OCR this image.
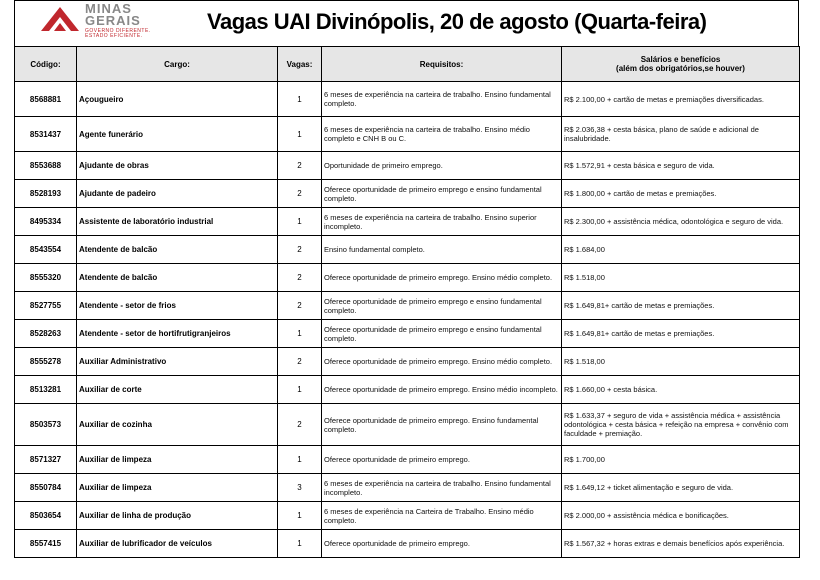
MINAS
GERAIS
GOVERNO DIFERENTE.
ESTADO EFICIENTE.
Vagas UAI Divinópolis, 20 de agosto (Quarta-feira)
Código:	Cargo:	Vagas:	Requisitos:	Salários e benefícios
(além dos obrigatórios,se houver)

8568881	Açougueiro	1	6 meses de experiência na carteira de trabalho. Ensino fundamental completo.	R$ 2.100,00 + cartão de metas e premiações diversificadas.
8531437	Agente funerário	1	6 meses de experiência na carteira de trabalho. Ensino médio completo e CNH B ou C.	R$ 2.036,38 + cesta básica, plano de saúde e adicional de insalubridade.
8553688	Ajudante de obras	2	Oportunidade de primeiro emprego.	R$ 1.572,91 + cesta básica e seguro de vida.
8528193	Ajudante de padeiro	2	Oferece oportunidade de primeiro emprego e ensino fundamental completo.	R$ 1.800,00 + cartão de metas e premiações.
8495334	Assistente de laboratório industrial	1	6 meses de experiência na carteira de trabalho. Ensino superior incompleto.	R$ 2.300,00 + assistência médica, odontológica e seguro de vida.
8543554	Atendente de balcão	2	Ensino fundamental completo.	R$ 1.684,00
8555320	Atendente de balcão	2	Oferece oportunidade de primeiro emprego. Ensino médio completo.	R$ 1.518,00
8527755	Atendente - setor de frios	2	Oferece oportunidade de primeiro emprego e ensino fundamental completo.	R$ 1.649,81+ cartão de metas e premiações.
8528263	Atendente - setor de hortifrutigranjeiros	1	Oferece oportunidade de primeiro emprego e ensino fundamental completo.	R$ 1.649,81+ cartão de metas e premiações.
8555278	Auxiliar Administrativo	2	Oferece oportunidade de primeiro emprego. Ensino médio completo.	R$ 1.518,00
8513281	Auxiliar de corte	1	Oferece oportunidade de primeiro emprego. Ensino médio incompleto.	R$ 1.660,00 + cesta básica.
8503573	Auxiliar de cozinha	2	Oferece oportunidade de primeiro emprego. Ensino fundamental completo.	R$ 1.633,37 + seguro de vida + assistência médica + assistência odontológica + cesta básica + refeição na empresa + convênio com faculdade + premiação.
8571327	Auxiliar de limpeza	1	Oferece oportunidade de primeiro emprego.	R$ 1.700,00
8550784	Auxiliar de limpeza	3	6 meses de experiência na carteira de trabalho. Ensino fundamental incompleto.	R$ 1.649,12 + ticket alimentação e seguro de vida.
8503654	Auxiliar de linha de produção	1	6 meses de experiência na Carteira de Trabalho. Ensino médio completo.	R$ 2.000,00 + assistência médica e bonificações.
8557415	Auxiliar de lubrificador de veículos	1	Oferece oportunidade de primeiro emprego.	R$ 1.567,32 + horas extras e demais benefícios após experiência.
